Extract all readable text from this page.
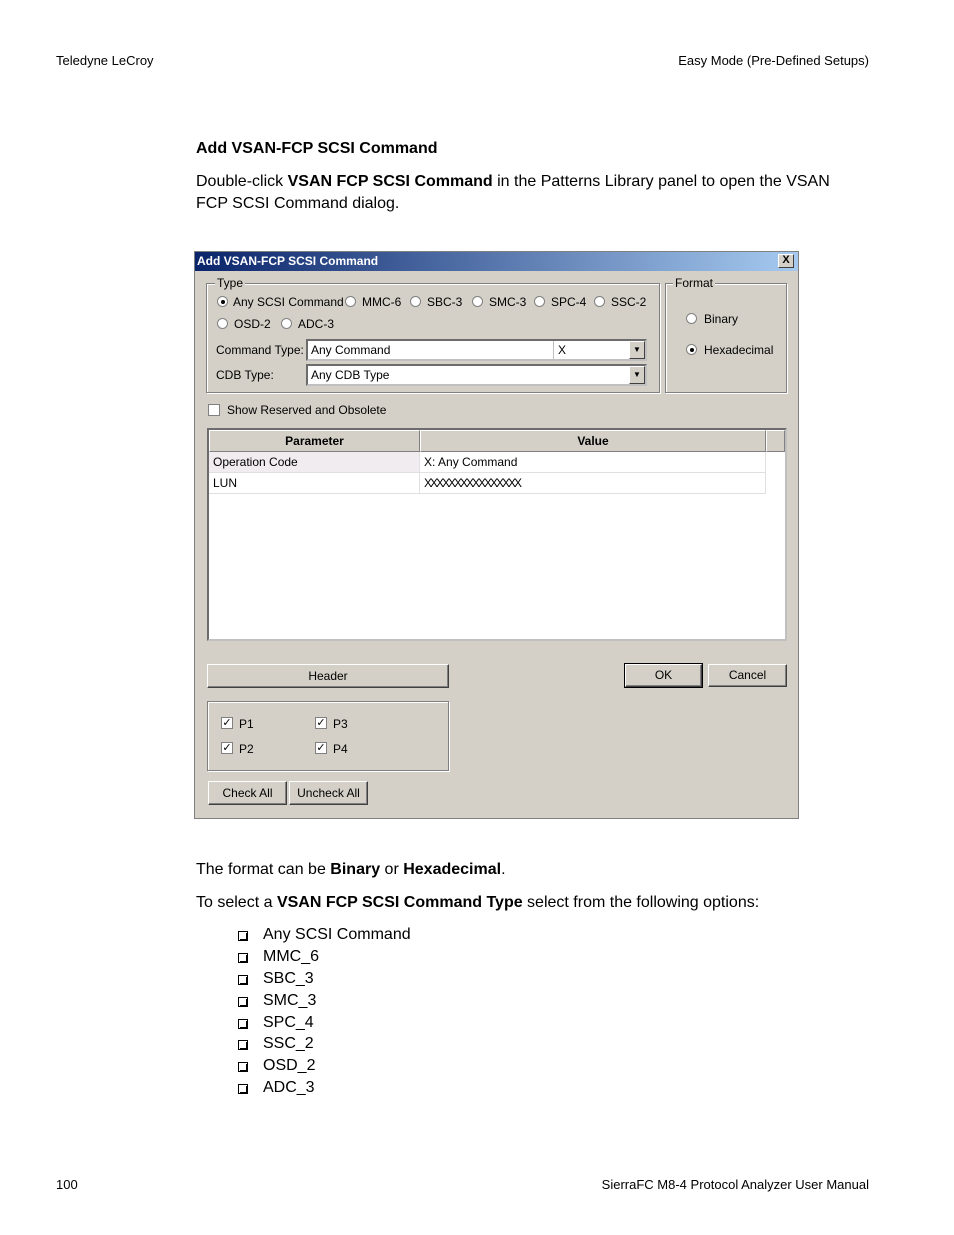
Teledyne LeCroy	Easy Mode (Pre-Defined Setups)
100	SierraFC M8-4 Protocol Analyzer User Manual
Add VSAN-FCP SCSI Command
Double-click VSAN FCP SCSI Command in the Patterns Library panel to open the VSAN
FCP SCSI Command dialog.
Add VSAN-FCP SCSI Command	X
Type
Any SCSI Command MMC-6 SBC-3 SMC-3 SPC-4 SSC-2
OSD-2 ADC-3
Command Type: Any Command	X	▼
CDB Type:	Any CDB Type	▼
Format
Binary
Hexadecimal
Show Reserved and Obsolete
Parameter	Value
Operation Code	X: Any Command
LUN	XXXXXXXXXXXXXXXX
Header	OK	Cancel
✓ P1	✓ P3
✓ P2	✓ P4
Check All	Uncheck All
The format can be Binary or Hexadecimal.
To select a VSAN FCP SCSI Command Type select from the following options:
Any SCSI Command
MMC_6
SBC_3
SMC_3
SPC_4
SSC_2
OSD_2
ADC_3
